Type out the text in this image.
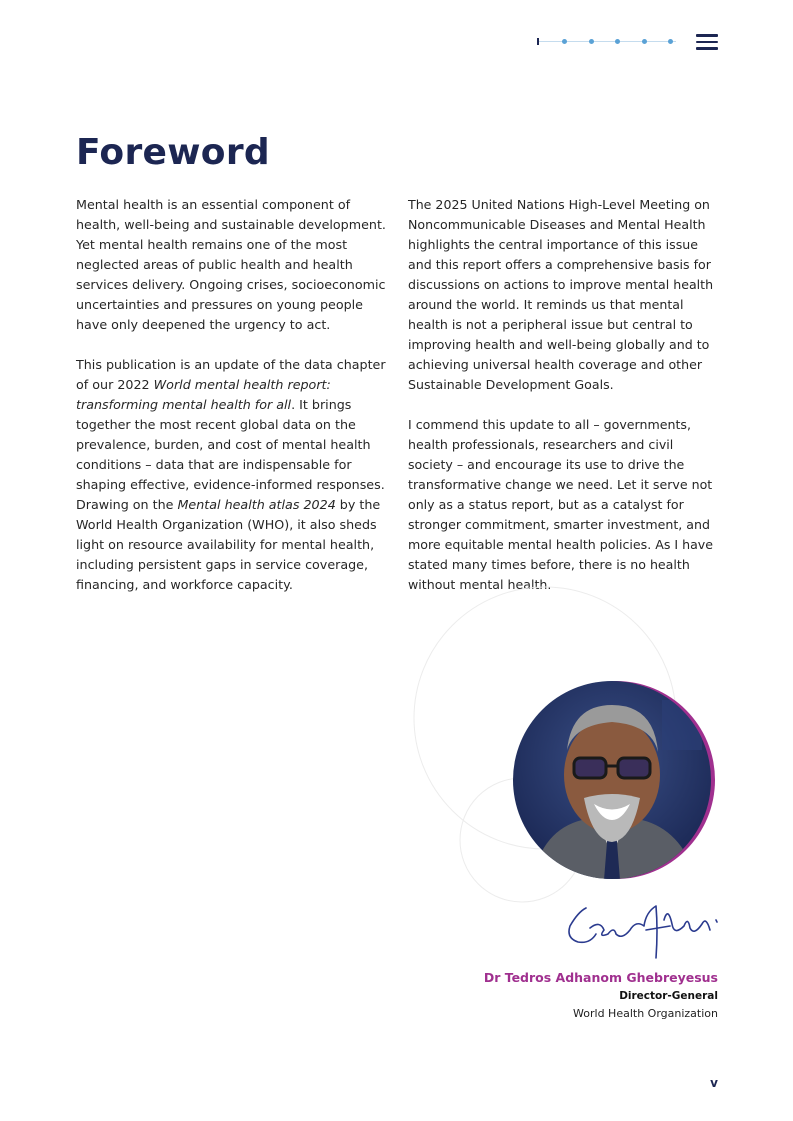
Foreword

Mental health is an essential component of health, well-being and sustainable development. Yet mental health remains one of the most neglected areas of public health and health services delivery. Ongoing crises, socioeconomic uncertainties and pressures on young people have only deepened the urgency to act.

This publication is an update of the data chapter of our 2022 World mental health report: transforming mental health for all. It brings together the most recent global data on the prevalence, burden, and cost of mental health conditions – data that are indispensable for shaping effective, evidence-informed responses. Drawing on the Mental health atlas 2024 by the World Health Organization (WHO), it also sheds light on resource availability for mental health, including persistent gaps in service coverage, financing, and workforce capacity.

The 2025 United Nations High-Level Meeting on Noncommunicable Diseases and Mental Health highlights the central importance of this issue and this report offers a comprehensive basis for discussions on actions to improve mental health around the world. It reminds us that mental health is not a peripheral issue but central to improving health and well-being globally and to achieving universal health coverage and other Sustainable Development Goals.

I commend this update to all – governments, health professionals, researchers and civil society – and encourage its use to drive the transformative change we need. Let it serve not only as a status report, but as a catalyst for stronger commitment, smarter investment, and more equitable mental health policies. As I have stated many times before, there is no health without mental health.

Dr Tedros Adhanom Ghebreyesus
Director-General
World Health Organization
v
